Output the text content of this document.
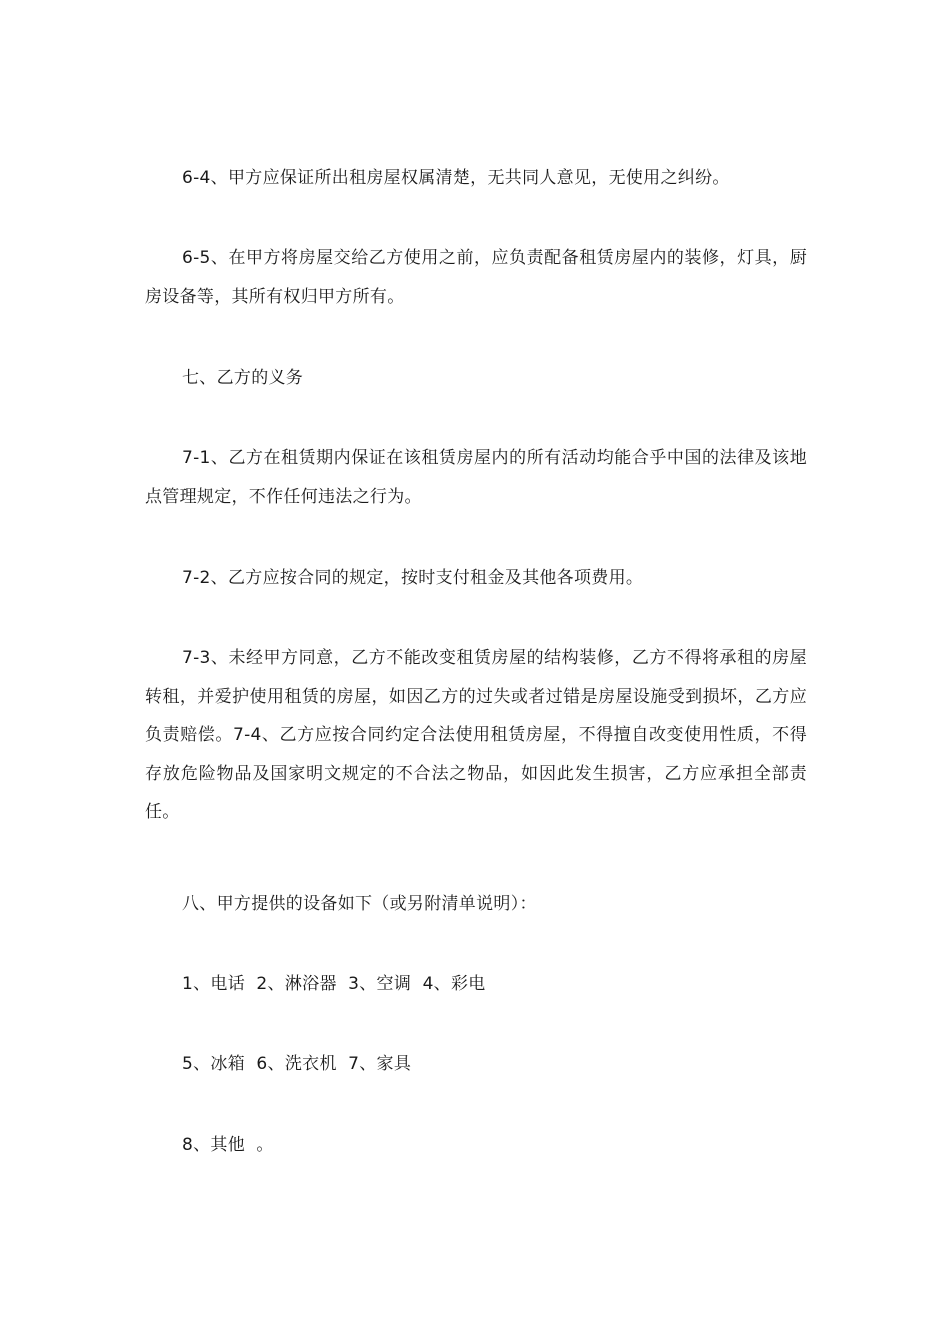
6-4、甲方应保证所出租房屋权属清楚，无共同人意见，无使用之纠纷。

6-5、在甲方将房屋交给乙方使用之前，应负责配备租赁房屋内的装修，灯具，厨房设备等，其所有权归甲方所有。

七、乙方的义务

7-1、乙方在租赁期内保证在该租赁房屋内的所有活动均能合乎中国的法律及该地点管理规定，不作任何违法之行为。

7-2、乙方应按合同的规定，按时支付租金及其他各项费用。

7-3、未经甲方同意，乙方不能改变租赁房屋的结构装修，乙方不得将承租的房屋转租，并爱护使用租赁的房屋，如因乙方的过失或者过错是房屋设施受到损坏，乙方应负责赔偿。7-4、乙方应按合同约定合法使用租赁房屋，不得擅自改变使用性质，不得存放危险物品及国家明文规定的不合法之物品，如因此发生损害，乙方应承担全部责任。

八、甲方提供的设备如下（或另附清单说明）：

1、电话  2、淋浴器  3、空调  4、彩电

5、冰箱  6、洗衣机  7、家具

8、其他  。
